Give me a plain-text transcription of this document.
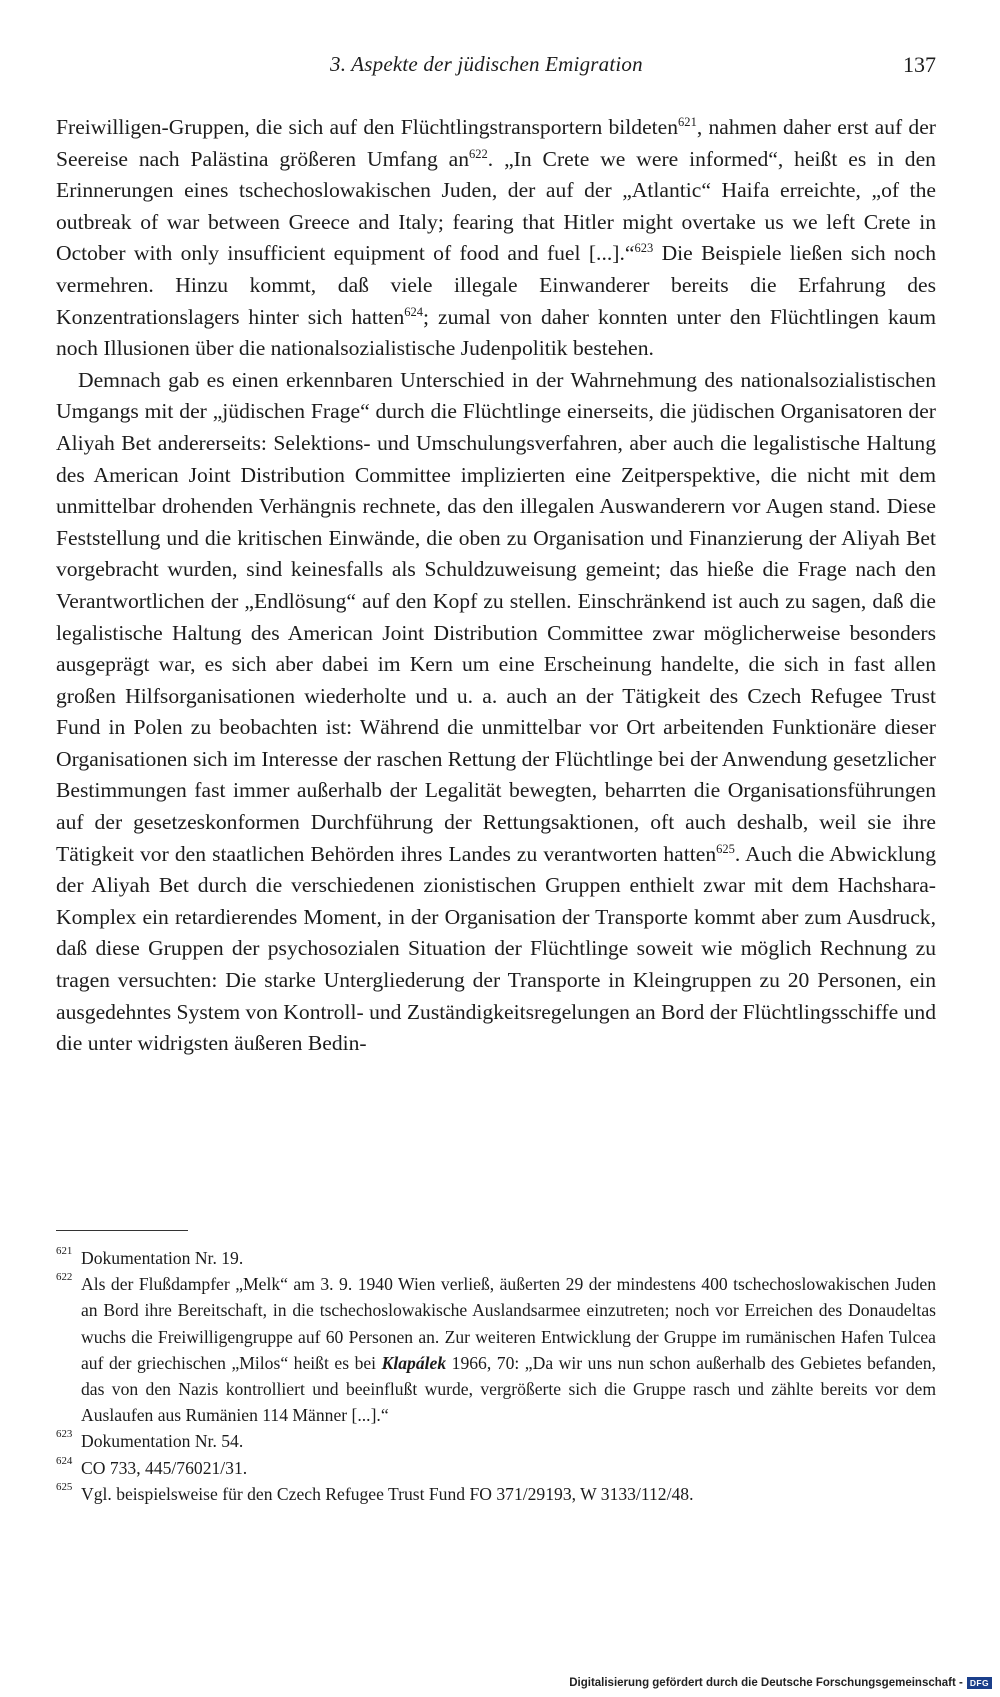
3. Aspekte der jüdischen Emigration	137

Freiwilligen-Gruppen, die sich auf den Flüchtlingstransportern bildeten$^{621}$, nahmen daher erst auf der Seereise nach Palästina größeren Umfang $an^{622}$. „In Crete we were informed“, heißt es in den Erinnerungen eines tschechoslowakischen Juden, der auf der „Atlantic“ Haifa erreichte, „of the outbreak of war between Greece and Italy; fearing that Hitler might overtake us we left Crete in October with only insufficient equipment of food and fuel [...].“$^{623}$ Die Beispiele ließen sich noch vermehren. Hinzu kommt, daß viele illegale Einwanderer bereits die Erfahrung des Konzentrationslagers hinter sich hatten$^{624}$; zumal von daher konnten unter den Flüchtlingen kaum noch Illusionen über die nationalsozialistische Judenpolitik bestehen.

Demnach gab es einen erkennbaren Unterschied in der Wahrnehmung des nationalsozialistischen Umgangs mit der „jüdischen Frage“ durch die Flüchtlinge einerseits, die jüdischen Organisatoren der Aliyah Bet andererseits: Selektions- und Umschulungsverfahren, aber auch die legalistische Haltung des American Joint Distribution Committee implizierten eine Zeitperspektive, die nicht mit dem unmittelbar drohenden Verhängnis rechnete, das den illegalen Auswanderern vor Augen stand. Diese Feststellung und die kritischen Einwände, die oben zu Organisation und Finanzierung der Aliyah Bet vorgebracht wurden, sind keinesfalls als Schuldzuweisung gemeint; das hieße die Frage nach den Verantwortlichen der „Endlösung“ auf den Kopf zu stellen. Einschränkend ist auch zu sagen, daß die legalistische Haltung des American Joint Distribution Committee zwar möglicherweise besonders ausgeprägt war, es sich aber dabei im Kern um eine Erscheinung handelte, die sich in fast allen großen Hilfsorganisationen wiederholte und u. a. auch an der Tätigkeit des Czech Refugee Trust Fund in Polen zu beobachten ist: Während die unmittelbar vor Ort arbeitenden Funktionäre dieser Organisationen sich im Interesse der raschen Rettung der Flüchtlinge bei der Anwendung gesetzlicher Bestimmungen fast immer außerhalb der Legalität bewegten, beharrten die Organisationsführungen auf der gesetzeskonformen Durchführung der Rettungsaktionen, oft auch deshalb, weil sie ihre Tätigkeit vor den staatlichen Behörden ihres Landes zu verantworten hatten$^{625}$. Auch die Abwicklung der Aliyah Bet durch die verschiedenen zionistischen Gruppen enthielt zwar mit dem Hachshara-Komplex ein retardierendes Moment, in der Organisation der Transporte kommt aber zum Ausdruck, daß diese Gruppen der psychosozialen Situation der Flüchtlinge soweit wie möglich Rechnung zu tragen versuchten: Die starke Untergliederung der Transporte in Kleingruppen zu 20 Personen, ein ausgedehntes System von Kontroll- und Zuständigkeitsregelungen an Bord der Flüchtlingsschiffe und die unter widrigsten äußeren Bedin-

621 Dokumentation Nr. 19.
622 Als der Flußdampfer „Melk“ am 3. 9. 1940 Wien verließ, äußerten 29 der mindestens 400 tschechoslowakischen Juden an Bord ihre Bereitschaft, in die tschechoslowakische Auslandsarmee einzutreten; noch vor Erreichen des Donaudeltas wuchs die Freiwilligengruppe auf 60 Personen an. Zur weiteren Entwicklung der Gruppe im rumänischen Hafen Tulcea auf der griechischen „Milos“ heißt es bei Klapálek 1966, 70: „Da wir uns nun schon außerhalb des Gebietes befanden, das von den Nazis kontrolliert und beeinflußt wurde, vergrößerte sich die Gruppe rasch und zählte bereits vor dem Auslaufen aus Rumänien 114 Männer [...].“
623 Dokumentation Nr. 54.
624 CO 733, 445/76021/31.
625 Vgl. beispielsweise für den Czech Refugee Trust Fund FO 371/29193, W 3133/112/48.
Digitalisierung gefördert durch die Deutsche Forschungsgemeinschaft - DFG
